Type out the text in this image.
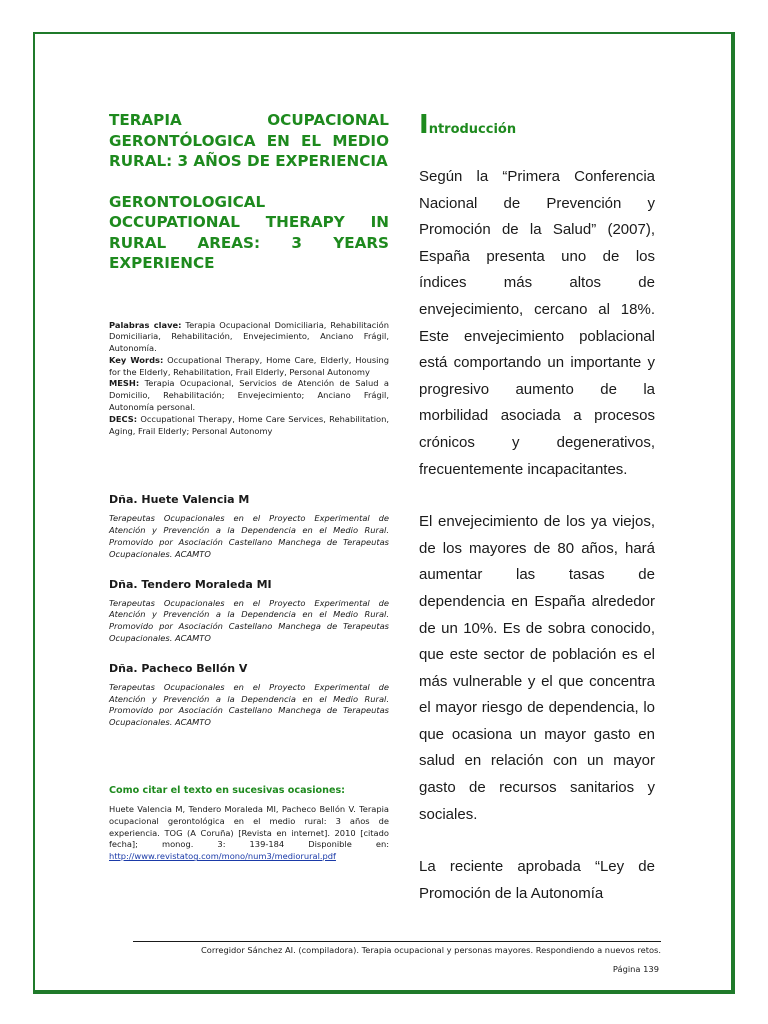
TERAPIA OCUPACIONAL GERONTÓLOGICA EN EL MEDIO RURAL: 3 AÑOS DE EXPERIENCIA
GERONTOLOGICAL OCCUPATIONAL THERAPY IN RURAL AREAS: 3 YEARS EXPERIENCE

Palabras clave: Terapia Ocupacional Domiciliaria, Rehabilitación Domiciliaria, Rehabilitación, Envejecimiento, Anciano Frágil, Autonomía.

Key Words: Occupational Therapy, Home Care, Elderly, Housing for the Elderly, Rehabilitation, Frail Elderly, Personal Autonomy

MESH: Terapia Ocupacional, Servicios de Atención de Salud a Domicilio, Rehabilitación; Envejecimiento; Anciano Frágil, Autonomía personal.

DECS: Occupational Therapy, Home Care Services, Rehabilitation, Aging, Frail Elderly; Personal Autonomy

Dña. Huete Valencia M

Terapeutas Ocupacionales en el Proyecto Experimental de Atención y Prevención a la Dependencia en el Medio Rural. Promovido por Asociación Castellano Manchega de Terapeutas Ocupacionales. ACAMTO

Dña. Tendero Moraleda MI

Terapeutas Ocupacionales en el Proyecto Experimental de Atención y Prevención a la Dependencia en el Medio Rural. Promovido por Asociación Castellano Manchega de Terapeutas Ocupacionales. ACAMTO

Dña. Pacheco Bellón V

Terapeutas Ocupacionales en el Proyecto Experimental de Atención y Prevención a la Dependencia en el Medio Rural. Promovido por Asociación Castellano Manchega de Terapeutas Ocupacionales. ACAMTO

Como citar el texto en sucesivas ocasiones:
Huete Valencia M, Tendero Moraleda MI, Pacheco Bellón V. Terapia ocupacional gerontológica en el medio rural: 3 años de experiencia. TOG (A Coruña) [Revista en internet]. 2010 [citado fecha]; monog. 3: 139-184 Disponible en: http://www.revistatog.com/mono/num3/mediorural.pdf
Introducción

Según la “Primera Conferencia Nacional de Prevención y Promoción de la Salud” (2007), España presenta uno de los índices más altos de envejecimiento, cercano al 18%. Este envejecimiento poblacional está comportando un importante y progresivo aumento de la morbilidad asociada a procesos crónicos y degenerativos, frecuentemente incapacitantes.

El envejecimiento de los ya viejos, de los mayores de 80 años, hará aumentar las tasas de dependencia en España alrededor de un 10%. Es de sobra conocido, que este sector de población es el más vulnerable y el que concentra el mayor riesgo de dependencia, lo que ocasiona un mayor gasto en salud en relación con un mayor gasto de recursos sanitarios y sociales.

La reciente aprobada “Ley de Promoción de la Autonomía

Corregidor Sánchez AI. (compiladora). Terapia ocupacional y personas mayores. Respondiendo a nuevos retos.
Página 139
